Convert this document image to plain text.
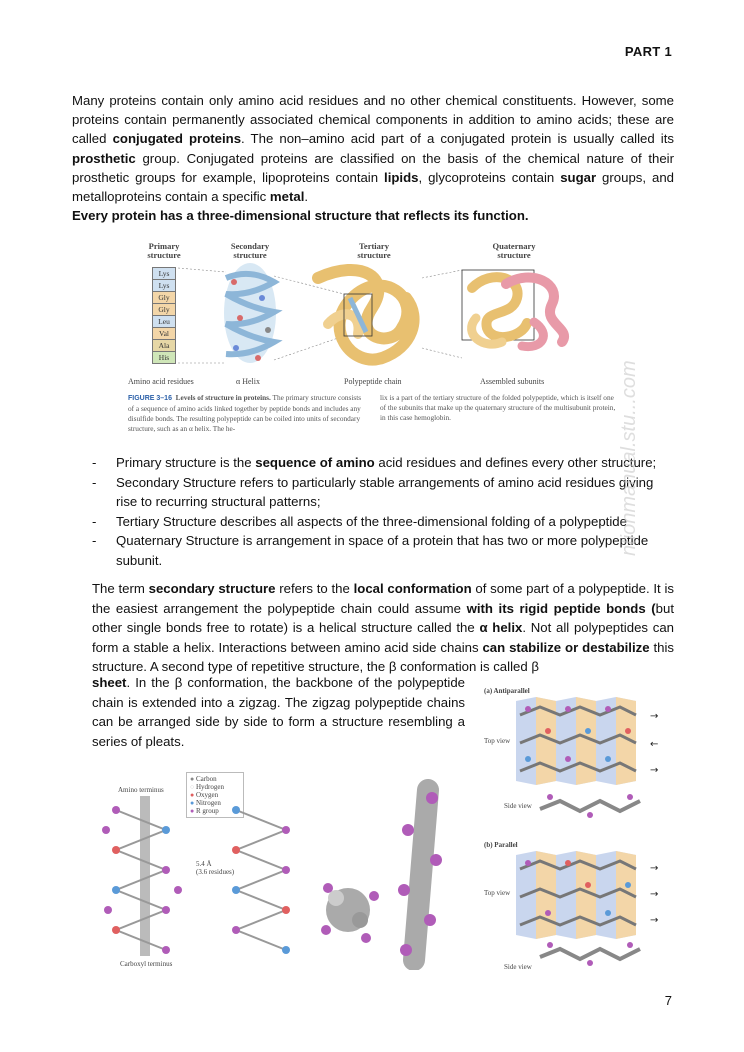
PART 1
Many proteins contain only amino acid residues and no other chemical constituents. However, some proteins contain permanently associated chemical components in addition to amino acids; these are called conjugated proteins. The non–amino acid part of a conjugated protein is usually called its prosthetic group. Conjugated proteins are classified on the basis of the chemical nature of their prosthetic groups for example, lipoproteins contain lipids, glycoproteins contain sugar groups, and metalloproteins contain a specific metal.
Every protein has a three-dimensional structure that reflects its function.
Primary
structure
Secondary
structure
Tertiary
structure
Quaternary
structure
Lys
Lys
Gly
Gly
Leu
Val
Ala
His
Amino acid residues	α Helix	Polypeptide chain	Assembled subunits
FIGURE 3–16 Levels of structure in proteins. The primary structure consists of a sequence of amino acids linked together by peptide bonds and includes any disulfide bonds. The resulting polypeptide can be coiled into units of secondary structure, such as an α helix. The he-
lix is a part of the tertiary structure of the folded polypeptide, which is itself one of the subunits that make up the quaternary structure of the multisubunit protein, in this case hemoglobin.
- Primary structure is the sequence of amino acid residues and defines every other structure;
- Secondary Structure refers to particularly stable arrangements of amino acid residues giving rise to recurring structural patterns;
- Tertiary Structure describes all aspects of the three-dimensional folding of a polypeptide
- Quaternary Structure is arrangement in space of a protein that has two or more polypeptide subunit.
The term secondary structure refers to the local conformation of some part of a polypeptide. It is the easiest arrangement the polypeptide chain could assume with its rigid peptide bonds (but other single bonds free to rotate) is a helical structure called the α helix. Not all polypeptides can form a stable a helix. Interactions between amino acid side chains can stabilize or destabilize this structure. A second type of repetitive structure, the β conformation is called β
sheet. In the β conformation, the backbone of the polypeptide chain is extended into a zigzag. The zigzag polypeptide chains can be arranged side by side to form a structure resembling a series of pleats.
(a) Antiparallel
Top view
Side view
(b) Parallel
Top view
Side view
→
←
→
→
→
→
Amino terminus
Carboxyl terminus
● Carbon
○ Hydrogen
● Oxygen
● Nitrogen
● R group
5.4 Å
(3.6 residues)
ntionmanual.stu...com
7
